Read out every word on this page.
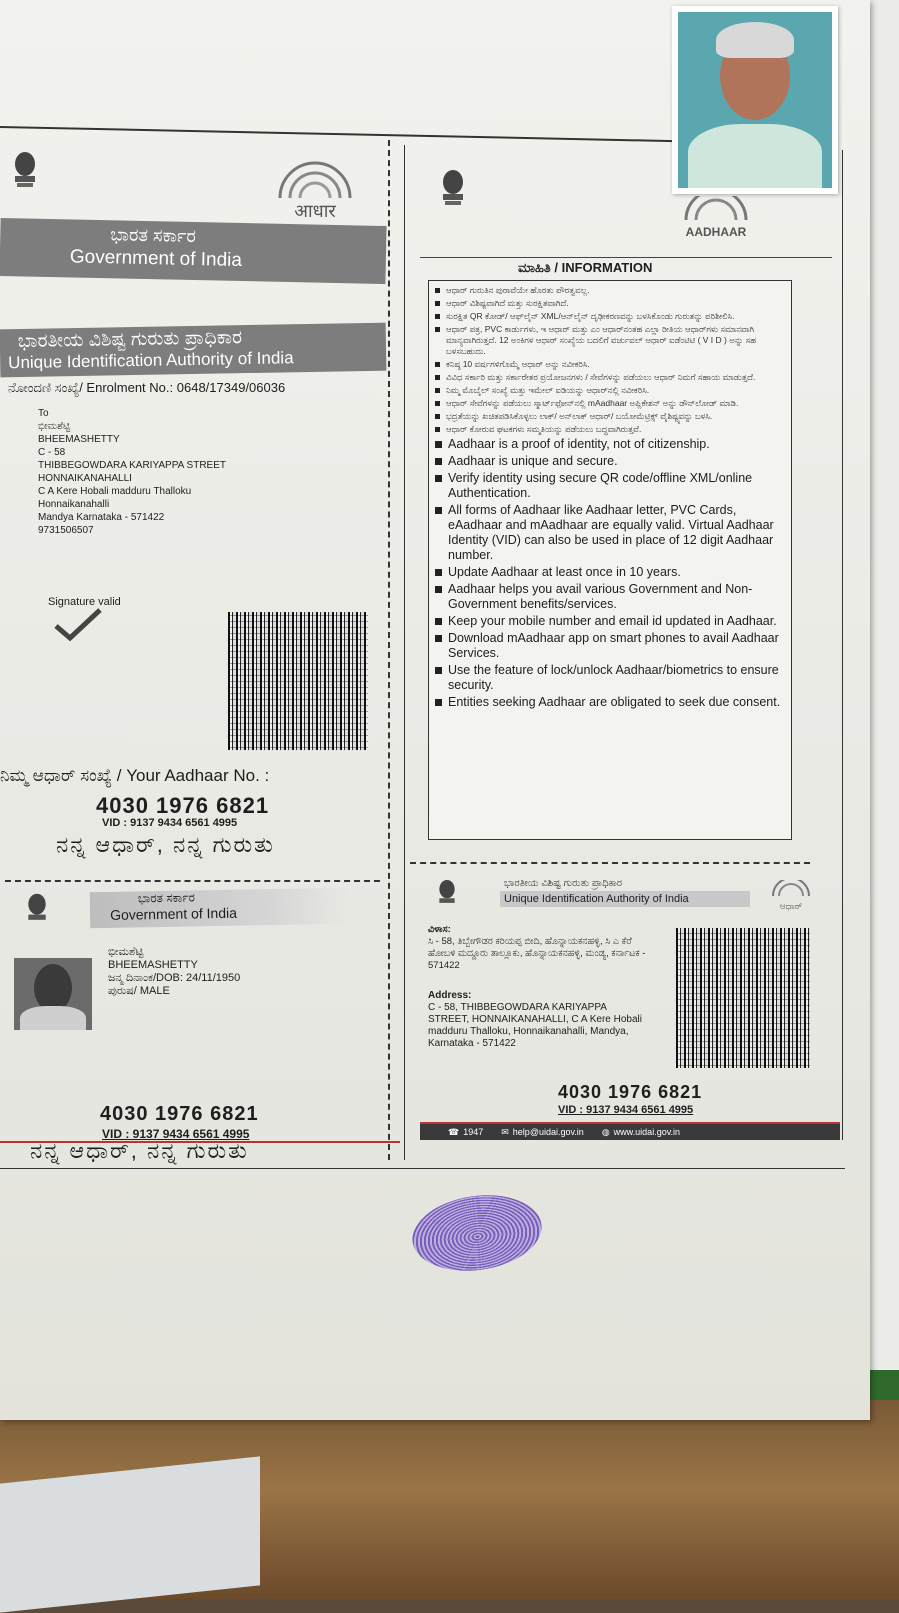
आधार
ಭಾರತ ಸರ್ಕಾರ
Government of India
ಭಾರತೀಯ ವಿಶಿಷ್ಟ ಗುರುತು ಪ್ರಾಧಿಕಾರ
Unique Identification Authority of India
ನೋಂದಣಿ ಸಂಖ್ಯೆ/ Enrolment No.: 0648/17349/06036
To
ಭೀಮಶೆಟ್ಟಿ
BHEEMASHETTY
C - 58
THIBBEGOWDARA KARIYAPPA STREET
HONNAIKANAHALLI
C A Kere Hobali madduru Thalloku
Honnaikanahalli
Mandya Karnataka - 571422
9731506507
Signature valid
ನಿಮ್ಮ ಆಧಾರ್ ಸಂಖ್ಯೆ / Your Aadhaar No. :
4030 1976 6821
VID : 9137 9434 6561 4995
ನನ್ನ ಆಧಾರ್, ನನ್ನ ಗುರುತು
AADHAAR
ಮಾಹಿತಿ / INFORMATION
ಆಧಾರ್ ಗುರುತಿನ ಪುರಾವೆಯೇ ಹೊರತು ಪೌರತ್ವವಲ್ಲ.
ಆಧಾರ್ ವಿಶಿಷ್ಟವಾಗಿದೆ ಮತ್ತು ಸುರಕ್ಷಿತವಾಗಿದೆ.
ಸುರಕ್ಷಿತ QR ಕೋಡ್/ ಆಫ್‌ಲೈನ್ XML/ಆನ್‌ಲೈನ್ ದೃಢೀಕರಣವನ್ನು ಬಳಸಿಕೊಂಡು ಗುರುತನ್ನು ಪರಿಶೀಲಿಸಿ.
ಆಧಾರ್ ಪತ್ರ, PVC ಕಾರ್ಡುಗಳು, ಇ ಆಧಾರ್ ಮತ್ತು ಎಂ ಆಧಾರ್‌ನಂತಹ ಎಲ್ಲಾ ರೀತಿಯ ಆಧಾರ್‌ಗಳು ಸಮಾನವಾಗಿ ಮಾನ್ಯವಾಗಿರುತ್ತದೆ. 12 ಅಂಕಿಗಳ ಆಧಾರ್ ಸಂಖ್ಯೆಯ ಬದಲಿಗೆ ವರ್ಚುವಲ್ ಆಧಾರ್ ಐಡೆಂಟಿಟಿ ( V I D ) ಅನ್ನು ಸಹ ಬಳಸಬಹುದು.
ಕನಿಷ್ಠ 10 ವರ್ಷಗಳಿಗೊಮ್ಮೆ ಆಧಾರ್ ಅನ್ನು ನವೀಕರಿಸಿ.
ವಿವಿಧ ಸರ್ಕಾರಿ ಮತ್ತು ಸರ್ಕಾರೇತರ ಪ್ರಯೋಜನಗಳು / ಸೇವೆಗಳನ್ನು ಪಡೆಯಲು ಆಧಾರ್ ನಿಮಗೆ ಸಹಾಯ ಮಾಡುತ್ತದೆ.
ನಿಮ್ಮ ಮೊಬೈಲ್ ಸಂಖ್ಯೆ ಮತ್ತು ಇಮೇಲ್ ಐಡಿಯನ್ನು ಆಧಾರ್‌ನಲ್ಲಿ ನವೀಕರಿಸಿ.
ಆಧಾರ್ ಸೇವೆಗಳನ್ನು ಪಡೆಯಲು ಸ್ಮಾರ್ಟ್‌ಫೋನ್‌ನಲ್ಲಿ mAadhaar ಅಪ್ಲಿಕೇಶನ್ ಅನ್ನು ಡೌನ್‌ಲೋಡ್ ಮಾಡಿ.
ಭದ್ರತೆಯನ್ನು ಖಚಿತಪಡಿಸಿಕೊಳ್ಳಲು ಲಾಕ್/ ಅನ್‌ಲಾಕ್ ಆಧಾರ್/ ಬಯೋಮೆಟ್ರಿಕ್ಸ್ ವೈಶಿಷ್ಟ್ಯವನ್ನು ಬಳಸಿ.
ಆಧಾರ್ ಕೋರುವ ಘಟಕಗಳು ಸಮ್ಮತಿಯನ್ನು ಪಡೆಯಲು ಬದ್ಧವಾಗಿರುತ್ತವೆ.
Aadhaar is a proof of identity, not of citizenship.
Aadhaar is unique and secure.
Verify identity using secure QR code/offline XML/online Authentication.
All forms of Aadhaar like Aadhaar letter, PVC Cards, eAadhaar and mAadhaar are equally valid. Virtual Aadhaar Identity (VID) can also be used in place of 12 digit Aadhaar number.
Update Aadhaar at least once in 10 years.
Aadhaar helps you avail various Government and Non- Government benefits/services.
Keep your mobile number and email id updated in Aadhaar.
Download mAadhaar app on smart phones to avail Aadhaar Services.
Use the feature of lock/unlock Aadhaar/biometrics to ensure security.
Entities seeking Aadhaar are obligated to seek due consent.
ಭಾರತ ಸರ್ಕಾರ
Government of India
ಭೀಮಶೆಟ್ಟಿ
BHEEMASHETTY
ಜನ್ಮ ದಿನಾಂಕ/DOB: 24/11/1950
ಪುರುಷ/ MALE
4030 1976 6821
VID : 9137 9434 6561 4995
ನನ್ನ ಆಧಾರ್, ನನ್ನ ಗುರುತು
ಭಾರತೀಯ ವಿಶಿಷ್ಟ ಗುರುತು ಪ್ರಾಧಿಕಾರ
Unique Identification Authority of India
ಆಧಾರ್
ವಿಳಾಸ:
ಸಿ - 58, ತಿಬ್ಬೇಗೌಡರ ಕರಿಯಪ್ಪ ಬೀದಿ, ಹೊನ್ನಾಯಕನಹಳ್ಳಿ, ಸಿ ಎ ಕೆರೆ ಹೋಬಳಿ ಮದ್ದೂರು ತಾಲ್ಲೂಕು, ಹೊನ್ನಾಯಕನಹಳ್ಳಿ, ಮಂಡ್ಯ, ಕರ್ನಾಟಕ - 571422
Address:
C - 58, THIBBEGOWDARA KARIYAPPA STREET, HONNAIKANAHALLI, C A Kere Hobali madduru Thalloku, Honnaikanahalli, Mandya, Karnataka - 571422
4030 1976 6821
VID : 9137 9434 6561 4995
☎ 1947 ✉ help@uidai.gov.in ◍ www.uidai.gov.in
